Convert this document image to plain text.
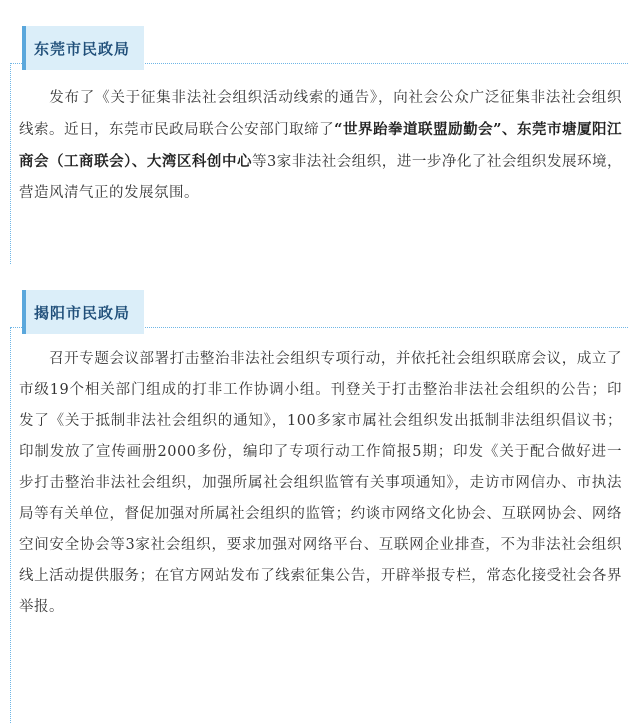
东莞市民政局
发布了《关于征集非法社会组织活动线索的通告》，向社会公众广泛征集非法社会组织线索。近日，东莞市民政局联合公安部门取缔了“世界跆拳道联盟励勤会”、东莞市塘厦阳江商会（工商联会）、大湾区科创中心等3家非法社会组织，进一步净化了社会组织发展环境，营造风清气正的发展氛围。
揭阳市民政局
召开专题会议部署打击整治非法社会组织专项行动，并依托社会组织联席会议，成立了市级19个相关部门组成的打非工作协调小组。刊登关于打击整治非法社会组织的公告；印发了《关于抵制非法社会组织的通知》，100多家市属社会组织发出抵制非法组织倡议书；印制发放了宣传画册2000多份，编印了专项行动工作简报5期；印发《关于配合做好进一步打击整治非法社会组织，加强所属社会组织监管有关事项通知》，走访市网信办、市执法局等有关单位，督促加强对所属社会组织的监管；约谈市网络文化协会、互联网协会、网络空间安全协会等3家社会组织，要求加强对网络平台、互联网企业排查，不为非法社会组织线上活动提供服务；在官方网站发布了线索征集公告，开辟举报专栏，常态化接受社会各界举报。
